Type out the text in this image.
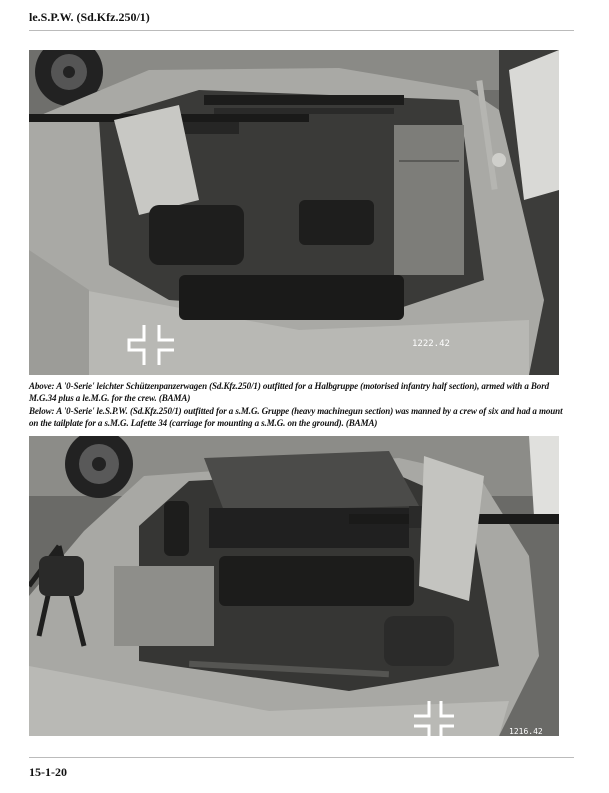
le.S.P.W. (Sd.Kfz.250/1)
1222.42
Above: A '0-Serie' leichter Schützenpanzerwagen (Sd.Kfz.250/1) outfitted for a Halbgruppe (motorised infantry half section), armed with a Bord M.G.34 plus a le.M.G. for the crew. (BAMA)
Below: A '0-Serie' le.S.P.W. (Sd.Kfz.250/1) outfitted for a s.M.G. Gruppe (heavy machinegun section) was manned by a crew of six and had a mount on the tailplate for a s.M.G. Lafette 34 (carriage for mounting a s.M.G. on the ground). (BAMA)
1216.42
15-1-20
